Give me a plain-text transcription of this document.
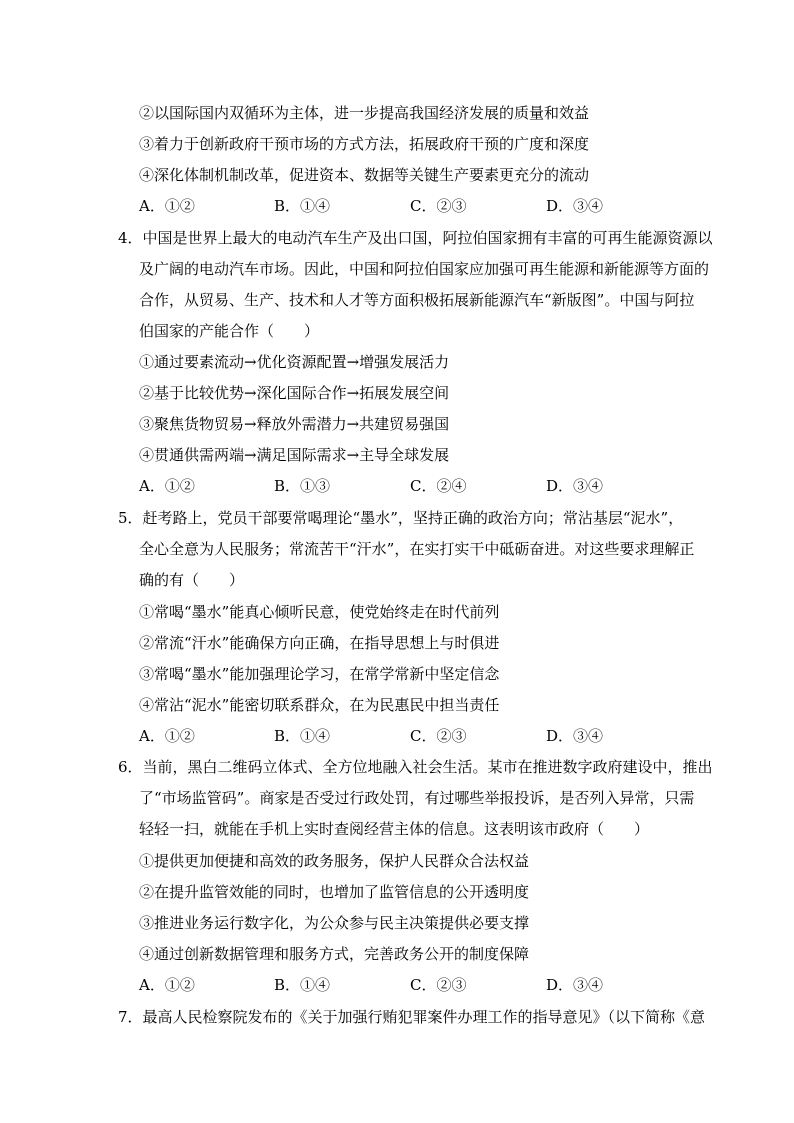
②以国际国内双循环为主体，进一步提高我国经济发展的质量和效益
③着力于创新政府干预市场的方式方法，拓展政府干预的广度和深度
④深化体制机制改革，促进资本、数据等关键生产要素更充分的流动
A．①②	B．①④	C．②③	D．③④
4．中国是世界上最大的电动汽车生产及出口国，阿拉伯国家拥有丰富的可再生能源资源以
及广阔的电动汽车市场。因此，中国和阿拉伯国家应加强可再生能源和新能源等方面的
合作，从贸易、生产、技术和人才等方面积极拓展新能源汽车“新版图”。中国与阿拉
伯国家的产能合作（　　）
①通过要素流动→优化资源配置→增强发展活力
②基于比较优势→深化国际合作→拓展发展空间
③聚焦货物贸易→释放外需潜力→共建贸易强国
④贯通供需两端→满足国际需求→主导全球发展
A．①②	B．①③	C．②④	D．③④
5．赶考路上，党员干部要常喝理论“墨水”，坚持正确的政治方向；常沾基层“泥水”，
全心全意为人民服务；常流苦干“汗水”，在实打实干中砥砺奋进。对这些要求理解正
确的有（　　）
①常喝“墨水”能真心倾听民意，使党始终走在时代前列
②常流“汗水”能确保方向正确，在指导思想上与时俱进
③常喝“墨水”能加强理论学习，在常学常新中坚定信念
④常沾“泥水”能密切联系群众，在为民惠民中担当责任
A．①②	B．①④	C．②③	D．③④
6．当前，黑白二维码立体式、全方位地融入社会生活。某市在推进数字政府建设中，推出
了“市场监管码”。商家是否受过行政处罚，有过哪些举报投诉，是否列入异常，只需
轻轻一扫，就能在手机上实时查阅经营主体的信息。这表明该市政府（　　）
①提供更加便捷和高效的政务服务，保护人民群众合法权益
②在提升监管效能的同时，也增加了监管信息的公开透明度
③推进业务运行数字化，为公众参与民主决策提供必要支撑
④通过创新数据管理和服务方式，完善政务公开的制度保障
A．①②	B．①④	C．②③	D．③④
7．最高人民检察院发布的《关于加强行贿犯罪案件办理工作的指导意见》（以下简称《意
